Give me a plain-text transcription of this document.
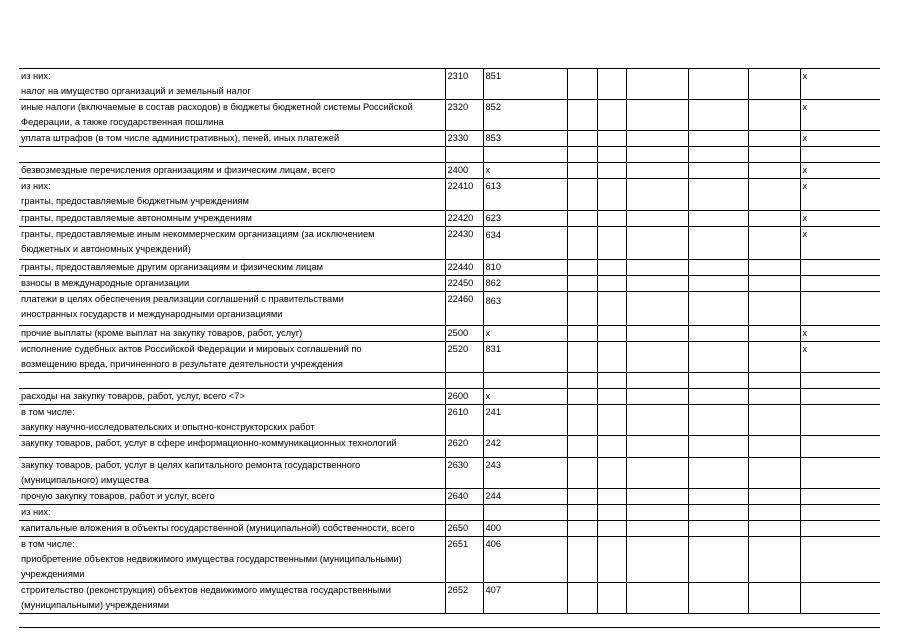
из них:
налог на имущество организаций и земельный налог	2310	851						x

иные налоги (включаемые в состав расходов) в бюджеты бюджетной системы Российской
Федерации, а также государственная пошлина	2320	852						x

уплата штрафов (в том числе административных), пеней, иных платежей	2330	853						x

безвозмездные перечисления организациям и физическим лицам, всего	2400	x						x

из них:
гранты, предоставляемые бюджетным учреждениям	22410	613						x

гранты, предоставляемые автономным учреждениям	22420	623						x

гранты, предоставляемые иным некоммерческим организациям (за исключением
бюджетных и автономных учреждений)	22430	634						x

гранты, предоставляемые другим организациям и физическим лицам	22440	810						

взносы в международные организации	22450	862						

платежи в целях обеспечения реализации соглашений с правительствами
иностранных государств и международными организациями	22460	863						

прочие выплаты (кроме выплат на закупку товаров, работ, услуг)	2500	x						x

исполнение судебных актов Российской Федерации и мировых соглашений по
возмещению вреда, причиненного в результате деятельности учреждения	2520	831						x

расходы на закупку товаров, работ, услуг, всего <7>	2600	x						

в том числе:
закупку научно-исследовательских и опытно-конструкторских работ	2610	241						

закупку товаров, работ, услуг в сфере информационно-коммуникационных технологий	2620	242						

закупку товаров, работ, услуг в целях капитального ремонта государственного
(муниципального) имущества	2630	243						

прочую закупку товаров, работ и услуг, всего	2640	244						

из них:								

капитальные вложения в объекты государственной (муниципальной) собственности, всего	2650	400						

в том числе:
приобретение объектов недвижимого имущества государственными (муниципальными)
учреждениями	2651	406						

строительство (реконструкция) объектов недвижимого имущества государственными
(муниципальными) учреждениями	2652	407						
